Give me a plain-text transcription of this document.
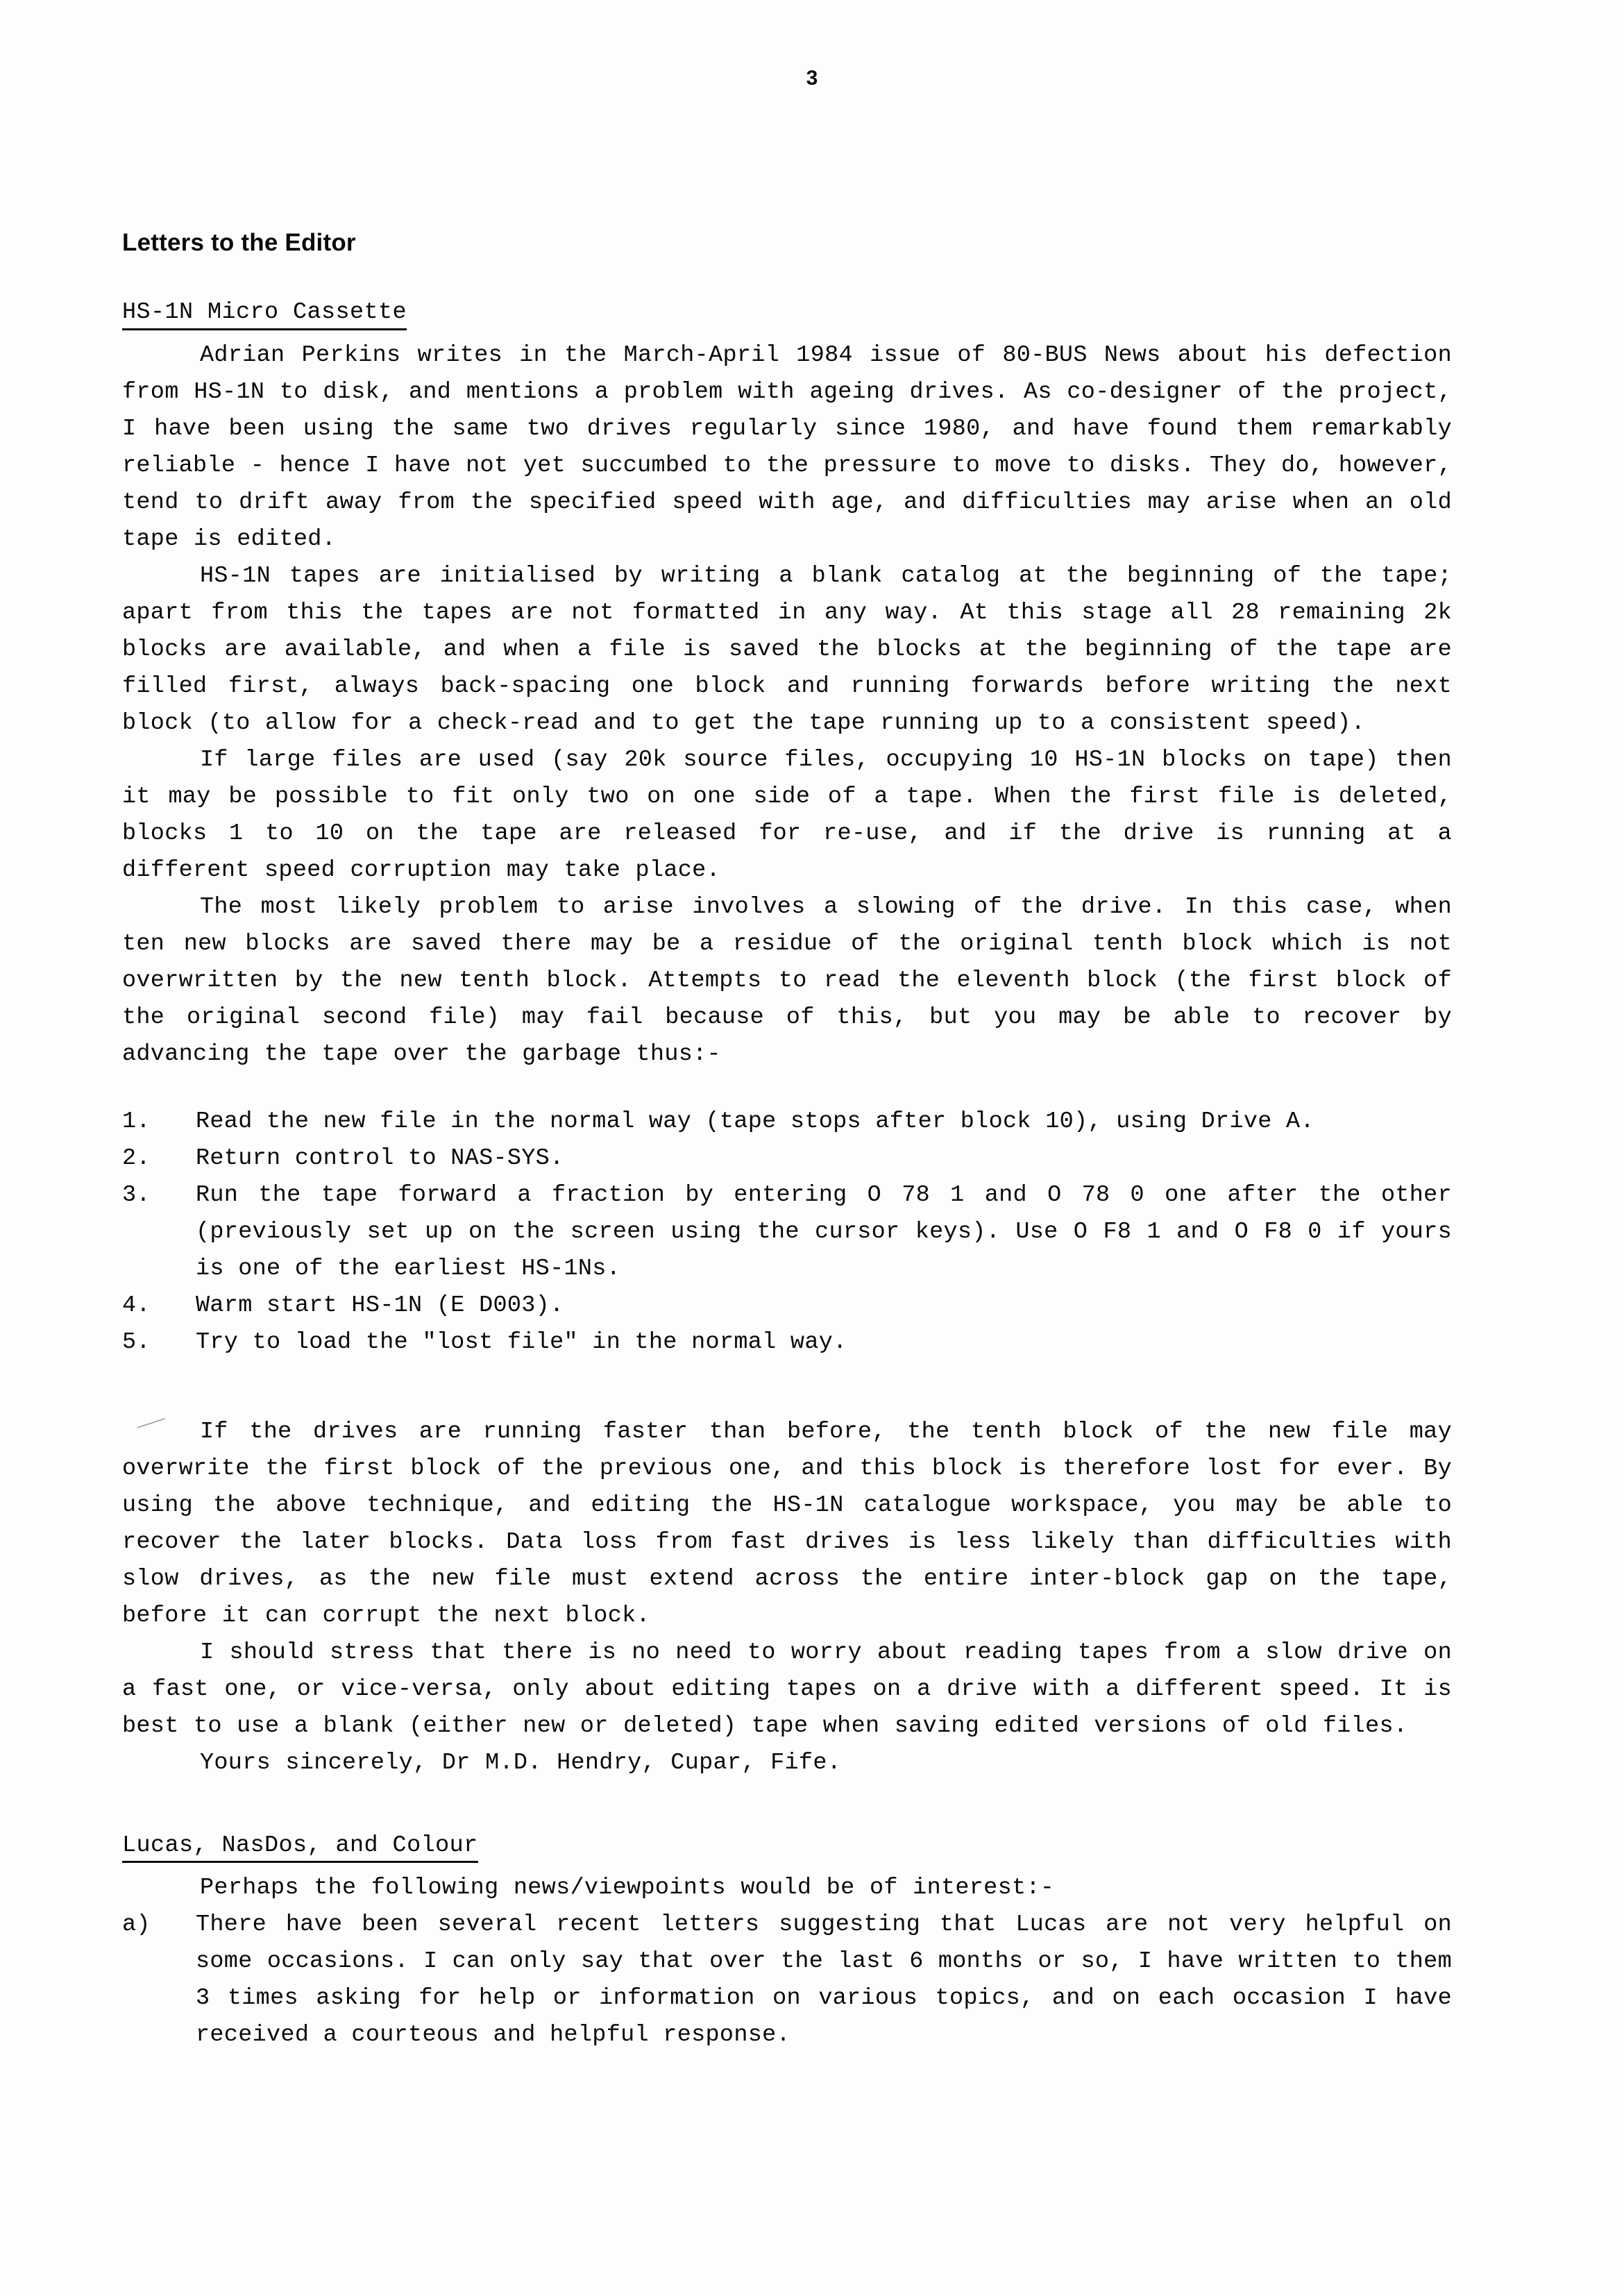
3
Letters to the Editor
HS-1N Micro Cassette

Adrian Perkins writes in the March-April 1984 issue of 80-BUS News about his defection from HS-1N to disk, and mentions a problem with ageing drives. As co-designer of the project, I have been using the same two drives regularly since 1980, and have found them remarkably reliable - hence I have not yet succumbed to the pressure to move to disks. They do, however, tend to drift away from the specified speed with age, and difficulties may arise when an old tape is edited.

HS-1N tapes are initialised by writing a blank catalog at the beginning of the tape; apart from this the tapes are not formatted in any way. At this stage all 28 remaining 2k blocks are available, and when a file is saved the blocks at the beginning of the tape are filled first, always back-spacing one block and running forwards before writing the next block (to allow for a check-read and to get the tape running up to a consistent speed).

If large files are used (say 20k source files, occupying 10 HS-1N blocks on tape) then it may be possible to fit only two on one side of a tape. When the first file is deleted, blocks 1 to 10 on the tape are released for re-use, and if the drive is running at a different speed corruption may take place.

The most likely problem to arise involves a slowing of the drive. In this case, when ten new blocks are saved there may be a residue of the original tenth block which is not overwritten by the new tenth block. Attempts to read the eleventh block (the first block of the original second file) may fail because of this, but you may be able to recover by advancing the tape over the garbage thus:-

1.	Read the new file in the normal way (tape stops after block 10), using Drive A.
2.	Return control to NAS-SYS.
3.	Run the tape forward a fraction by entering O 78 1 and O 78 0 one after the other (previously set up on the screen using the cursor keys). Use O F8 1 and O F8 0 if yours is one of the earliest HS-1Ns.
4.	Warm start HS-1N (E D003).
5.	Try to load the "lost file" in the normal way.
⸺	If the drives are running faster than before, the tenth block of the new file may overwrite the first block of the previous one, and this block is therefore lost for ever. By using the above technique, and editing the HS-1N catalogue workspace, you may be able to recover the later blocks. Data loss from fast drives is less likely than difficulties with slow drives, as the new file must extend across the entire inter-block gap on the tape, before it can corrupt the next block.

I should stress that there is no need to worry about reading tapes from a slow drive on a fast one, or vice-versa, only about editing tapes on a drive with a different speed. It is best to use a blank (either new or deleted) tape when saving edited versions of old files.

Yours sincerely, Dr M.D. Hendry, Cupar, Fife.

Lucas, NasDos, and Colour

Perhaps the following news/viewpoints would be of interest:-

a)	There have been several recent letters suggesting that Lucas are not very helpful on some occasions. I can only say that over the last 6 months or so, I have written to them 3 times asking for help or information on various topics, and on each occasion I have received a courteous and helpful response.
